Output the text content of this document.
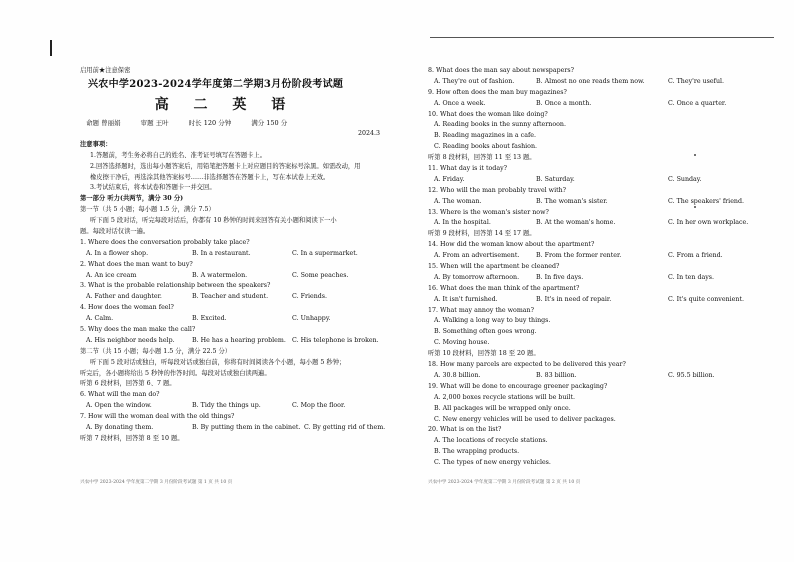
启用前★注意保密
兴农中学2023-2024学年度第二学期3月份阶段考试题
高 二 英 语
命题 曾丽娟	审题 王叶	时长 120 分钟	满分 150 分
2024.3
注意事项：
1.答题前，考生务必将自己的姓名、准考证号填写在答题卡上。
2.回答选择题时，选出每小题答案后，用铅笔把答题卡上对应题目的答案标号涂黑。如需改动，用
橡皮擦干净后，再选涂其他答案标号……非选择题答在答题卡上，写在本试卷上无效。
3.考试结束后，将本试卷和答题卡一并交回。
第一部分 听力(共两节，满分 30 分)
第一节（共 5 小题；每小题 1.5 分，满分 7.5）
听下面 5 段对话，听完每段对话后，你都有 10 秒钟的时间来回答有关小题和阅读下一小
题。每段对话仅读一遍。
1. Where does the conversation probably take place?
A. In a flower shop.	B. In a restaurant.	C. In a supermarket.
2. What does the man want to buy?
A. An ice cream	B. A watermelon.	C. Some peaches.
3. What is the probable relationship between the speakers?
A. Father and daughter.	B. Teacher and student.	C. Friends.
4. How does the woman feel?
A. Calm.	B. Excited.	C. Unhappy.
5. Why does the man make the call?
A. His neighbor needs help.	B. He has a hearing problem. C. His telephone is broken.
第二节（共 15 小题；每小题 1.5 分，满分 22.5 分）
听下面 5 段对话或独白，听每段对话或独白前，你将有时间阅读各个小题，每小题 5 秒钟；
听完后，各小题将给出 5 秒钟的作答时间。每段对话或独白读两遍。
听第 6 段材料，回答第 6、7 题。
6. What will the man do?
A. Open the window.	B. Tidy the things up.	C. Mop the floor.
7. How will the woman deal with the old things?
A. By donating them.	B. By putting them in the cabinet. C. By getting rid of them.
听第 7 段材料，回答第 8 至 10 题。
8. What does the man say about newspapers?
A. They're out of fashion.	B. Almost no one reads them now.	C. They're useful.
9. How often does the man buy magazines?
A. Once a week.	B. Once a month.	C. Once a quarter.
10. What does the woman like doing?
A. Reading books in the sunny afternoon.
B. Reading magazines in a cafe.
C. Reading books about fashion.
听第 8 段材料，回答第 11 至 13 题。
11. What day is it today?
A. Friday.	B. Saturday.	C. Sunday.
12. Who will the man probably travel with?
A. The woman.	B. The woman's sister.	C. The speakers' friend.
13. Where is the woman's sister now?
A. In the hospital.	B. At the woman's home.	C. In her own workplace.
听第 9 段材料，回答第 14 至 17 题。
14. How did the woman know about the apartment?
A. From an advertisement.	B. From the former renter.	C. From a friend.
15. When will the apartment be cleaned?
A. By tomorrow afternoon.	B. In five days.	C. In ten days.
16. What does the man think of the apartment?
A. It isn't furnished.	B. It's in need of repair.	C. It's quite convenient.
17. What may annoy the woman?
A. Walking a long way to buy things.
B. Something often goes wrong.
C. Moving house.
听第 10 段材料，回答第 18 至 20 题。
18. How many parcels are expected to be delivered this year?
A. 30.8 billion.	B. 83 billion.	C. 95.5 billion.
19. What will be done to encourage greener packaging?
A. 2,000 boxes recycle stations will be built.
B. All packages will be wrapped only once.
C. New energy vehicles will be used to deliver packages.
20. What is on the list?
A. The locations of recycle stations.
B. The wrapping products.
C. The types of new energy vehicles.
兴农中学 2023-2024 学年度第二学期 3 月份阶段考试题 第 1 页 共 10 页	兴农中学 2023-2024 学年度第二学期 3 月份阶段考试题 第 2 页 共 10 页
